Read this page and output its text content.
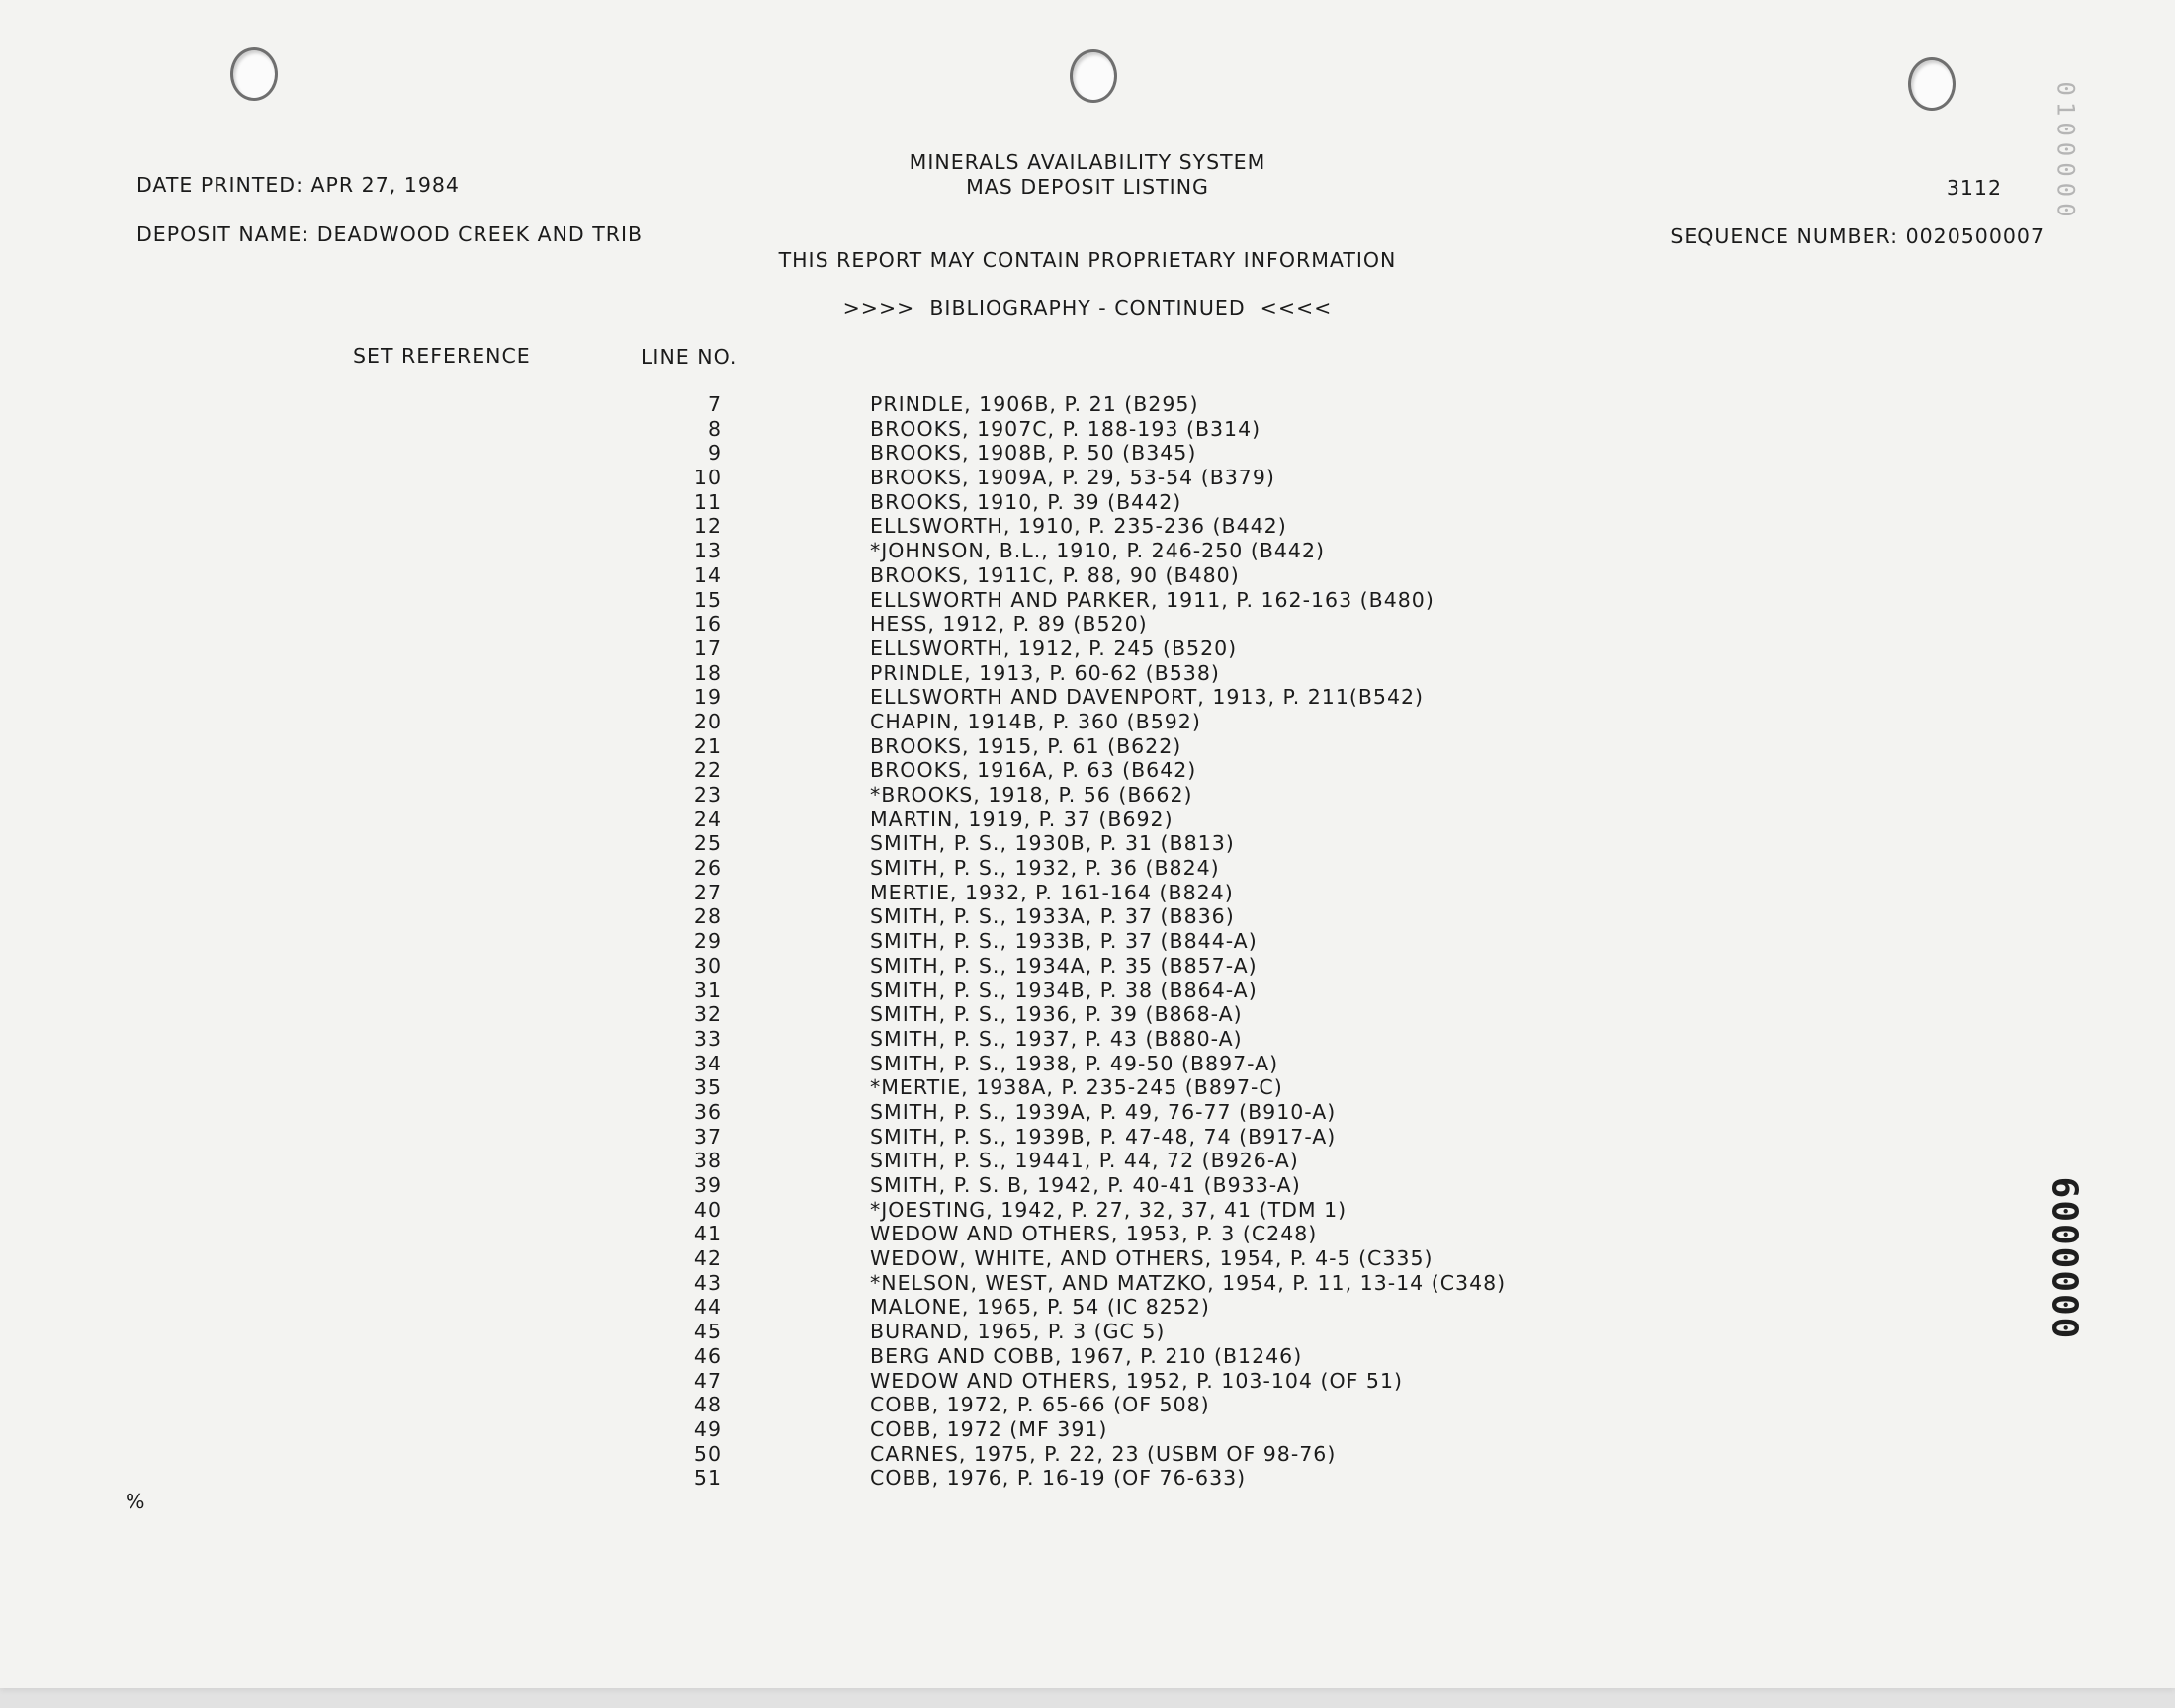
MINERALS AVAILABILITY SYSTEM
MAS DEPOSIT LISTING
DATE PRINTED: APR 27, 1984	3112
DEPOSIT NAME: DEADWOOD CREEK AND TRIB	SEQUENCE NUMBER: 0020500007
THIS REPORT MAY CONTAIN PROPRIETARY INFORMATION
>>>>  BIBLIOGRAPHY - CONTINUED  <<<<
SET REFERENCE	LINE NO.
7	PRINDLE, 1906B, P. 21 (B295)
8	BROOKS, 1907C, P. 188-193 (B314)
9	BROOKS, 1908B, P. 50 (B345)
10	BROOKS, 1909A, P. 29, 53-54 (B379)
11	BROOKS, 1910, P. 39 (B442)
12	ELLSWORTH, 1910, P. 235-236 (B442)
13	*JOHNSON, B.L., 1910, P. 246-250 (B442)
14	BROOKS, 1911C, P. 88, 90 (B480)
15	ELLSWORTH AND PARKER, 1911, P. 162-163 (B480)
16	HESS, 1912, P. 89 (B520)
17	ELLSWORTH, 1912, P. 245 (B520)
18	PRINDLE, 1913, P. 60-62 (B538)
19	ELLSWORTH AND DAVENPORT, 1913, P. 211(B542)
20	CHAPIN, 1914B, P. 360 (B592)
21	BROOKS, 1915, P. 61 (B622)
22	BROOKS, 1916A, P. 63 (B642)
23	*BROOKS, 1918, P. 56 (B662)
24	MARTIN, 1919, P. 37 (B692)
25	SMITH, P. S., 1930B, P. 31 (B813)
26	SMITH, P. S., 1932, P. 36 (B824)
27	MERTIE, 1932, P. 161-164 (B824)
28	SMITH, P. S., 1933A, P. 37 (B836)
29	SMITH, P. S., 1933B, P. 37 (B844-A)
30	SMITH, P. S., 1934A, P. 35 (B857-A)
31	SMITH, P. S., 1934B, P. 38 (B864-A)
32	SMITH, P. S., 1936, P. 39 (B868-A)
33	SMITH, P. S., 1937, P. 43 (B880-A)
34	SMITH, P. S., 1938, P. 49-50 (B897-A)
35	*MERTIE, 1938A, P. 235-245 (B897-C)
36	SMITH, P. S., 1939A, P. 49, 76-77 (B910-A)
37	SMITH, P. S., 1939B, P. 47-48, 74 (B917-A)
38	SMITH, P. S., 19441, P. 44, 72 (B926-A)
39	SMITH, P. S. B, 1942, P. 40-41 (B933-A)
40	*JOESTING, 1942, P. 27, 32, 37, 41 (TDM 1)
41	WEDOW AND OTHERS, 1953, P. 3 (C248)
42	WEDOW, WHITE, AND OTHERS, 1954, P. 4-5 (C335)
43	*NELSON, WEST, AND MATZKO, 1954, P. 11, 13-14 (C348)
44	MALONE, 1965, P. 54 (IC 8252)
45	BURAND, 1965, P. 3 (GC 5)
46	BERG AND COBB, 1967, P. 210 (B1246)
47	WEDOW AND OTHERS, 1952, P. 103-104 (OF 51)
48	COBB, 1972, P. 65-66 (OF 508)
49	COBB, 1972 (MF 391)
50	CARNES, 1975, P. 22, 23 (USBM OF 98-76)
51	COBB, 1976, P. 16-19 (OF 76-633)
%
0100000
6000000
